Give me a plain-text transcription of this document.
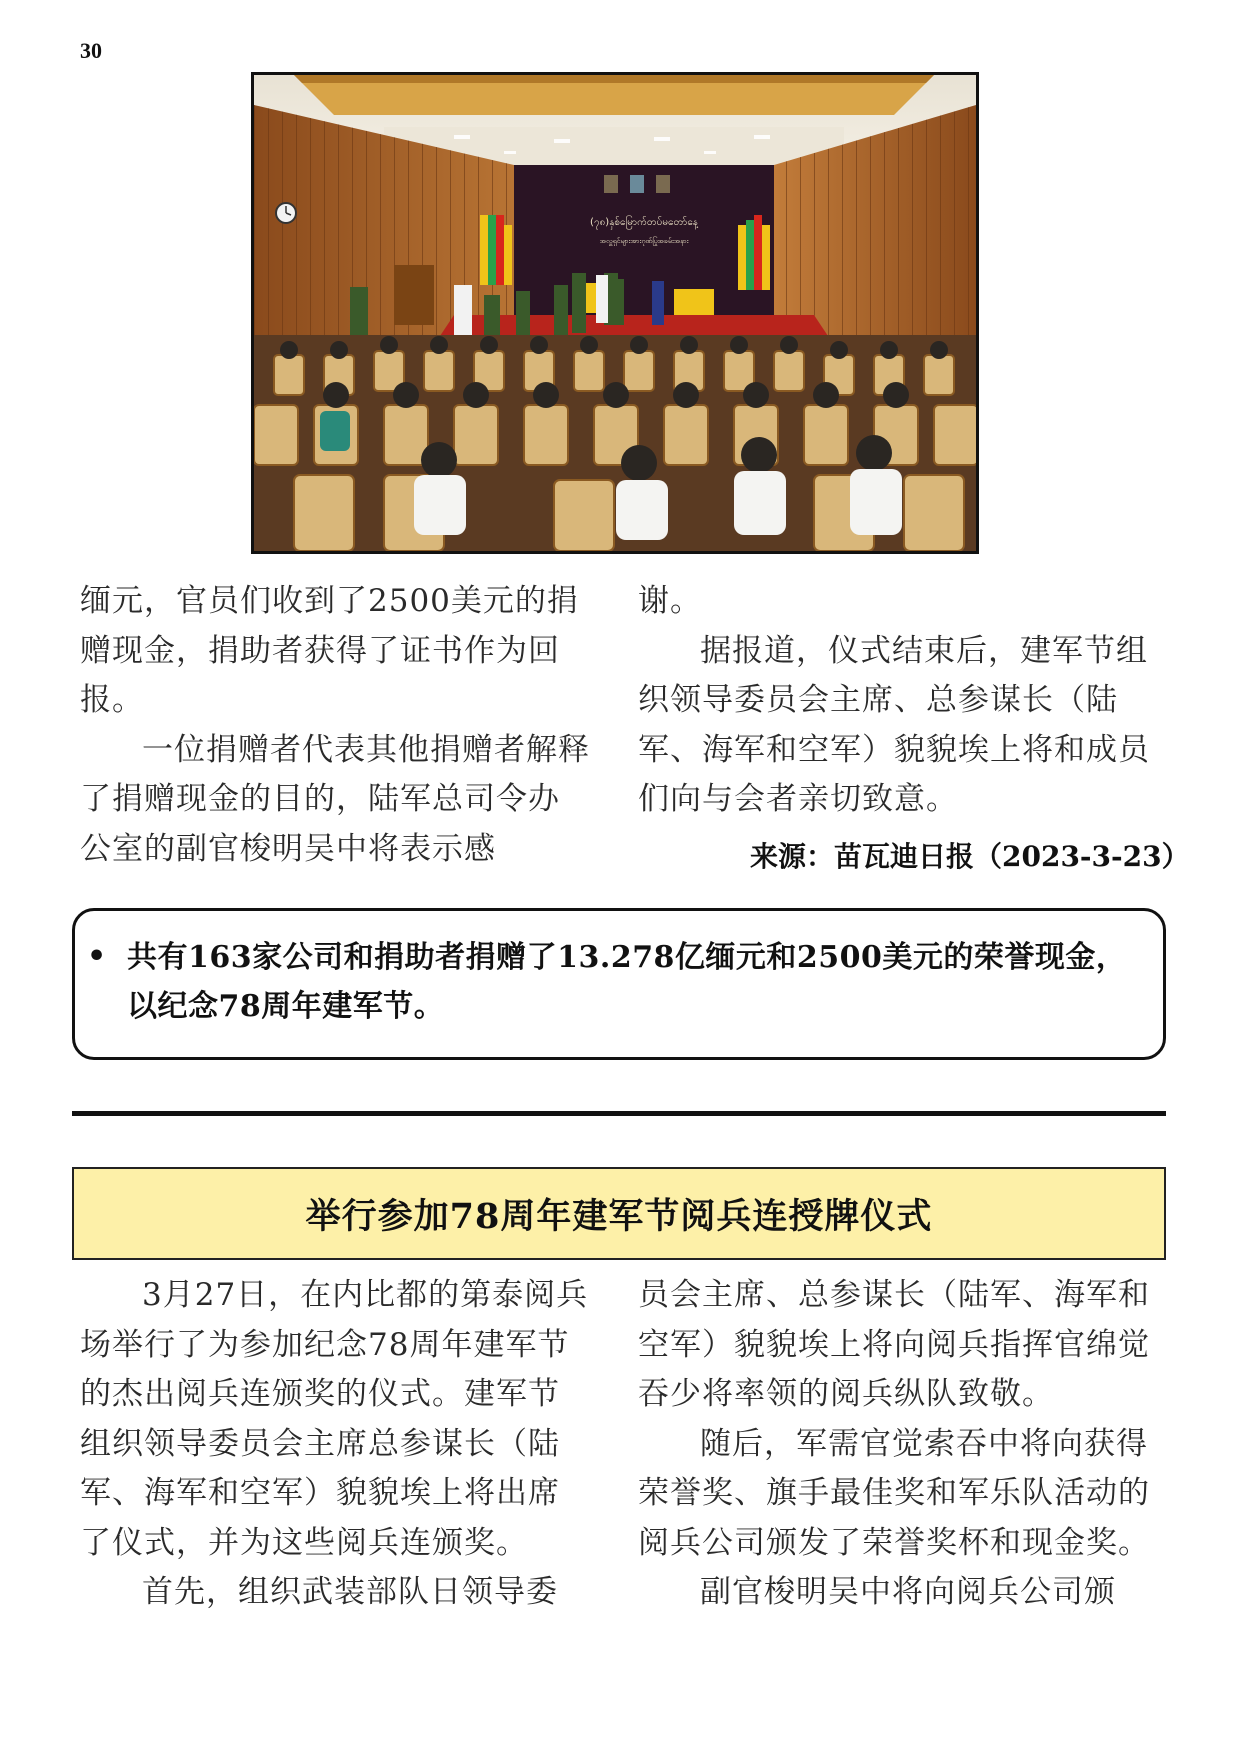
30
(၇၈)နှစ်မြောက်တပ်မတော်နေ့
အလှူရှင်များအားဂုဏ်ပြုအခမ်းအနား

缅元，官员们收到了2500美元的捐赠现金，捐助者获得了证书作为回报。

一位捐赠者代表其他捐赠者解释了捐赠现金的目的，陆军总司令办公室的副官梭明吴中将表示感

谢。

据报道，仪式结束后，建军节组织领导委员会主席、总参谋长（陆军、海军和空军）貌貌埃上将和成员们向与会者亲切致意。

来源：苗瓦迪日报（2023-3-23）
• 共有163家公司和捐助者捐赠了13.278亿缅元和2500美元的荣誉现金，以纪念78周年建军节。
举行参加78周年建军节阅兵连授牌仪式

3月27日，在内比都的第泰阅兵场举行了为参加纪念78周年建军节的杰出阅兵连颁奖的仪式。建军节组织领导委员会主席总参谋长（陆军、海军和空军）貌貌埃上将出席了仪式，并为这些阅兵连颁奖。

首先，组织武装部队日领导委

员会主席、总参谋长（陆军、海军和空军）貌貌埃上将向阅兵指挥官绵觉吞少将率领的阅兵纵队致敬。

随后，军需官觉索吞中将向获得荣誉奖、旗手最佳奖和军乐队活动的阅兵公司颁发了荣誉奖杯和现金奖。

副官梭明吴中将向阅兵公司颁
